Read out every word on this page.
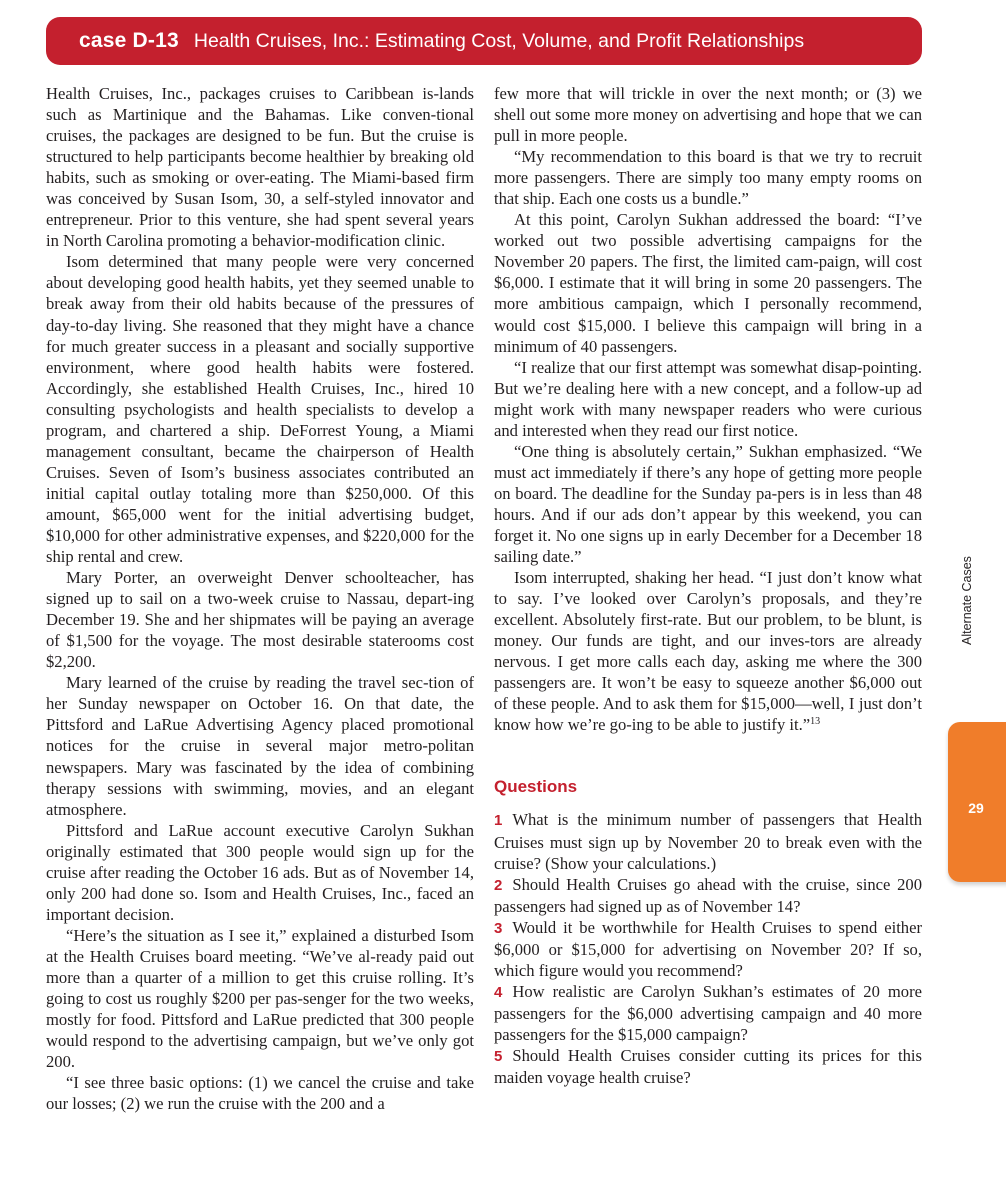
case D-13 Health Cruises, Inc.: Estimating Cost, Volume, and Profit Relationships

Health Cruises, Inc., packages cruises to Caribbean is-lands such as Martinique and the Bahamas. Like conven-tional cruises, the packages are designed to be fun. But the cruise is structured to help participants become healthier by breaking old habits, such as smoking or over-eating. The Miami-based firm was conceived by Susan Isom, 30, a self-styled innovator and entrepreneur. Prior to this venture, she had spent several years in North Carolina promoting a behavior-modification clinic.

Isom determined that many people were very concerned about developing good health habits, yet they seemed unable to break away from their old habits because of the pressures of day-to-day living. She reasoned that they might have a chance for much greater success in a pleasant and socially supportive environment, where good health habits were fostered. Accordingly, she established Health Cruises, Inc., hired 10 consulting psychologists and health specialists to develop a program, and chartered a ship. DeForrest Young, a Miami management consultant, became the chairperson of Health Cruises. Seven of Isom’s business associates contributed an initial capital outlay totaling more than $250,000. Of this amount, $65,000 went for the initial advertising budget, $10,000 for other administrative expenses, and $220,000 for the ship rental and crew.

Mary Porter, an overweight Denver schoolteacher, has signed up to sail on a two-week cruise to Nassau, depart-ing December 19. She and her shipmates will be paying an average of $1,500 for the voyage. The most desirable staterooms cost $2,200.

Mary learned of the cruise by reading the travel sec-tion of her Sunday newspaper on October 16. On that date, the Pittsford and LaRue Advertising Agency placed promotional notices for the cruise in several major metro-politan newspapers. Mary was fascinated by the idea of combining therapy sessions with swimming, movies, and an elegant atmosphere.

Pittsford and LaRue account executive Carolyn Sukhan originally estimated that 300 people would sign up for the cruise after reading the October 16 ads. But as of November 14, only 200 had done so. Isom and Health Cruises, Inc., faced an important decision.

“Here’s the situation as I see it,” explained a disturbed Isom at the Health Cruises board meeting. “We’ve al-ready paid out more than a quarter of a million to get this cruise rolling. It’s going to cost us roughly $200 per pas-senger for the two weeks, mostly for food. Pittsford and LaRue predicted that 300 people would respond to the advertising campaign, but we’ve only got 200.

“I see three basic options: (1) we cancel the cruise and take our losses; (2) we run the cruise with the 200 and a

few more that will trickle in over the next month; or (3) we shell out some more money on advertising and hope that we can pull in more people.

“My recommendation to this board is that we try to recruit more passengers. There are simply too many empty rooms on that ship. Each one costs us a bundle.”

At this point, Carolyn Sukhan addressed the board: “I’ve worked out two possible advertising campaigns for the November 20 papers. The first, the limited cam-paign, will cost $6,000. I estimate that it will bring in some 20 passengers. The more ambitious campaign, which I personally recommend, would cost $15,000. I believe this campaign will bring in a minimum of 40 passengers.

“I realize that our first attempt was somewhat disap-pointing. But we’re dealing here with a new concept, and a follow-up ad might work with many newspaper readers who were curious and interested when they read our first notice.

“One thing is absolutely certain,” Sukhan emphasized. “We must act immediately if there’s any hope of getting more people on board. The deadline for the Sunday pa-pers is in less than 48 hours. And if our ads don’t appear by this weekend, you can forget it. No one signs up in early December for a December 18 sailing date.”

Isom interrupted, shaking her head. “I just don’t know what to say. I’ve looked over Carolyn’s proposals, and they’re excellent. Absolutely first-rate. But our problem, to be blunt, is money. Our funds are tight, and our inves-tors are already nervous. I get more calls each day, asking me where the 300 passengers are. It won’t be easy to squeeze another $6,000 out of these people. And to ask them for $15,000—well, I just don’t know how we’re go-ing to be able to justify it.”$^{13}$

Questions

1 What is the minimum number of passengers that Health Cruises must sign up by November 20 to break even with the cruise? (Show your calculations.)

2 Should Health Cruises go ahead with the cruise, since 200 passengers had signed up as of November 14?

3 Would it be worthwhile for Health Cruises to spend either $6,000 or $15,000 for advertising on November 20? If so, which figure would you recommend?

4 How realistic are Carolyn Sukhan’s estimates of 20 more passengers for the $6,000 advertising campaign and 40 more passengers for the $15,000 campaign?

5 Should Health Cruises consider cutting its prices for this maiden voyage health cruise?

Alternate Cases
29
